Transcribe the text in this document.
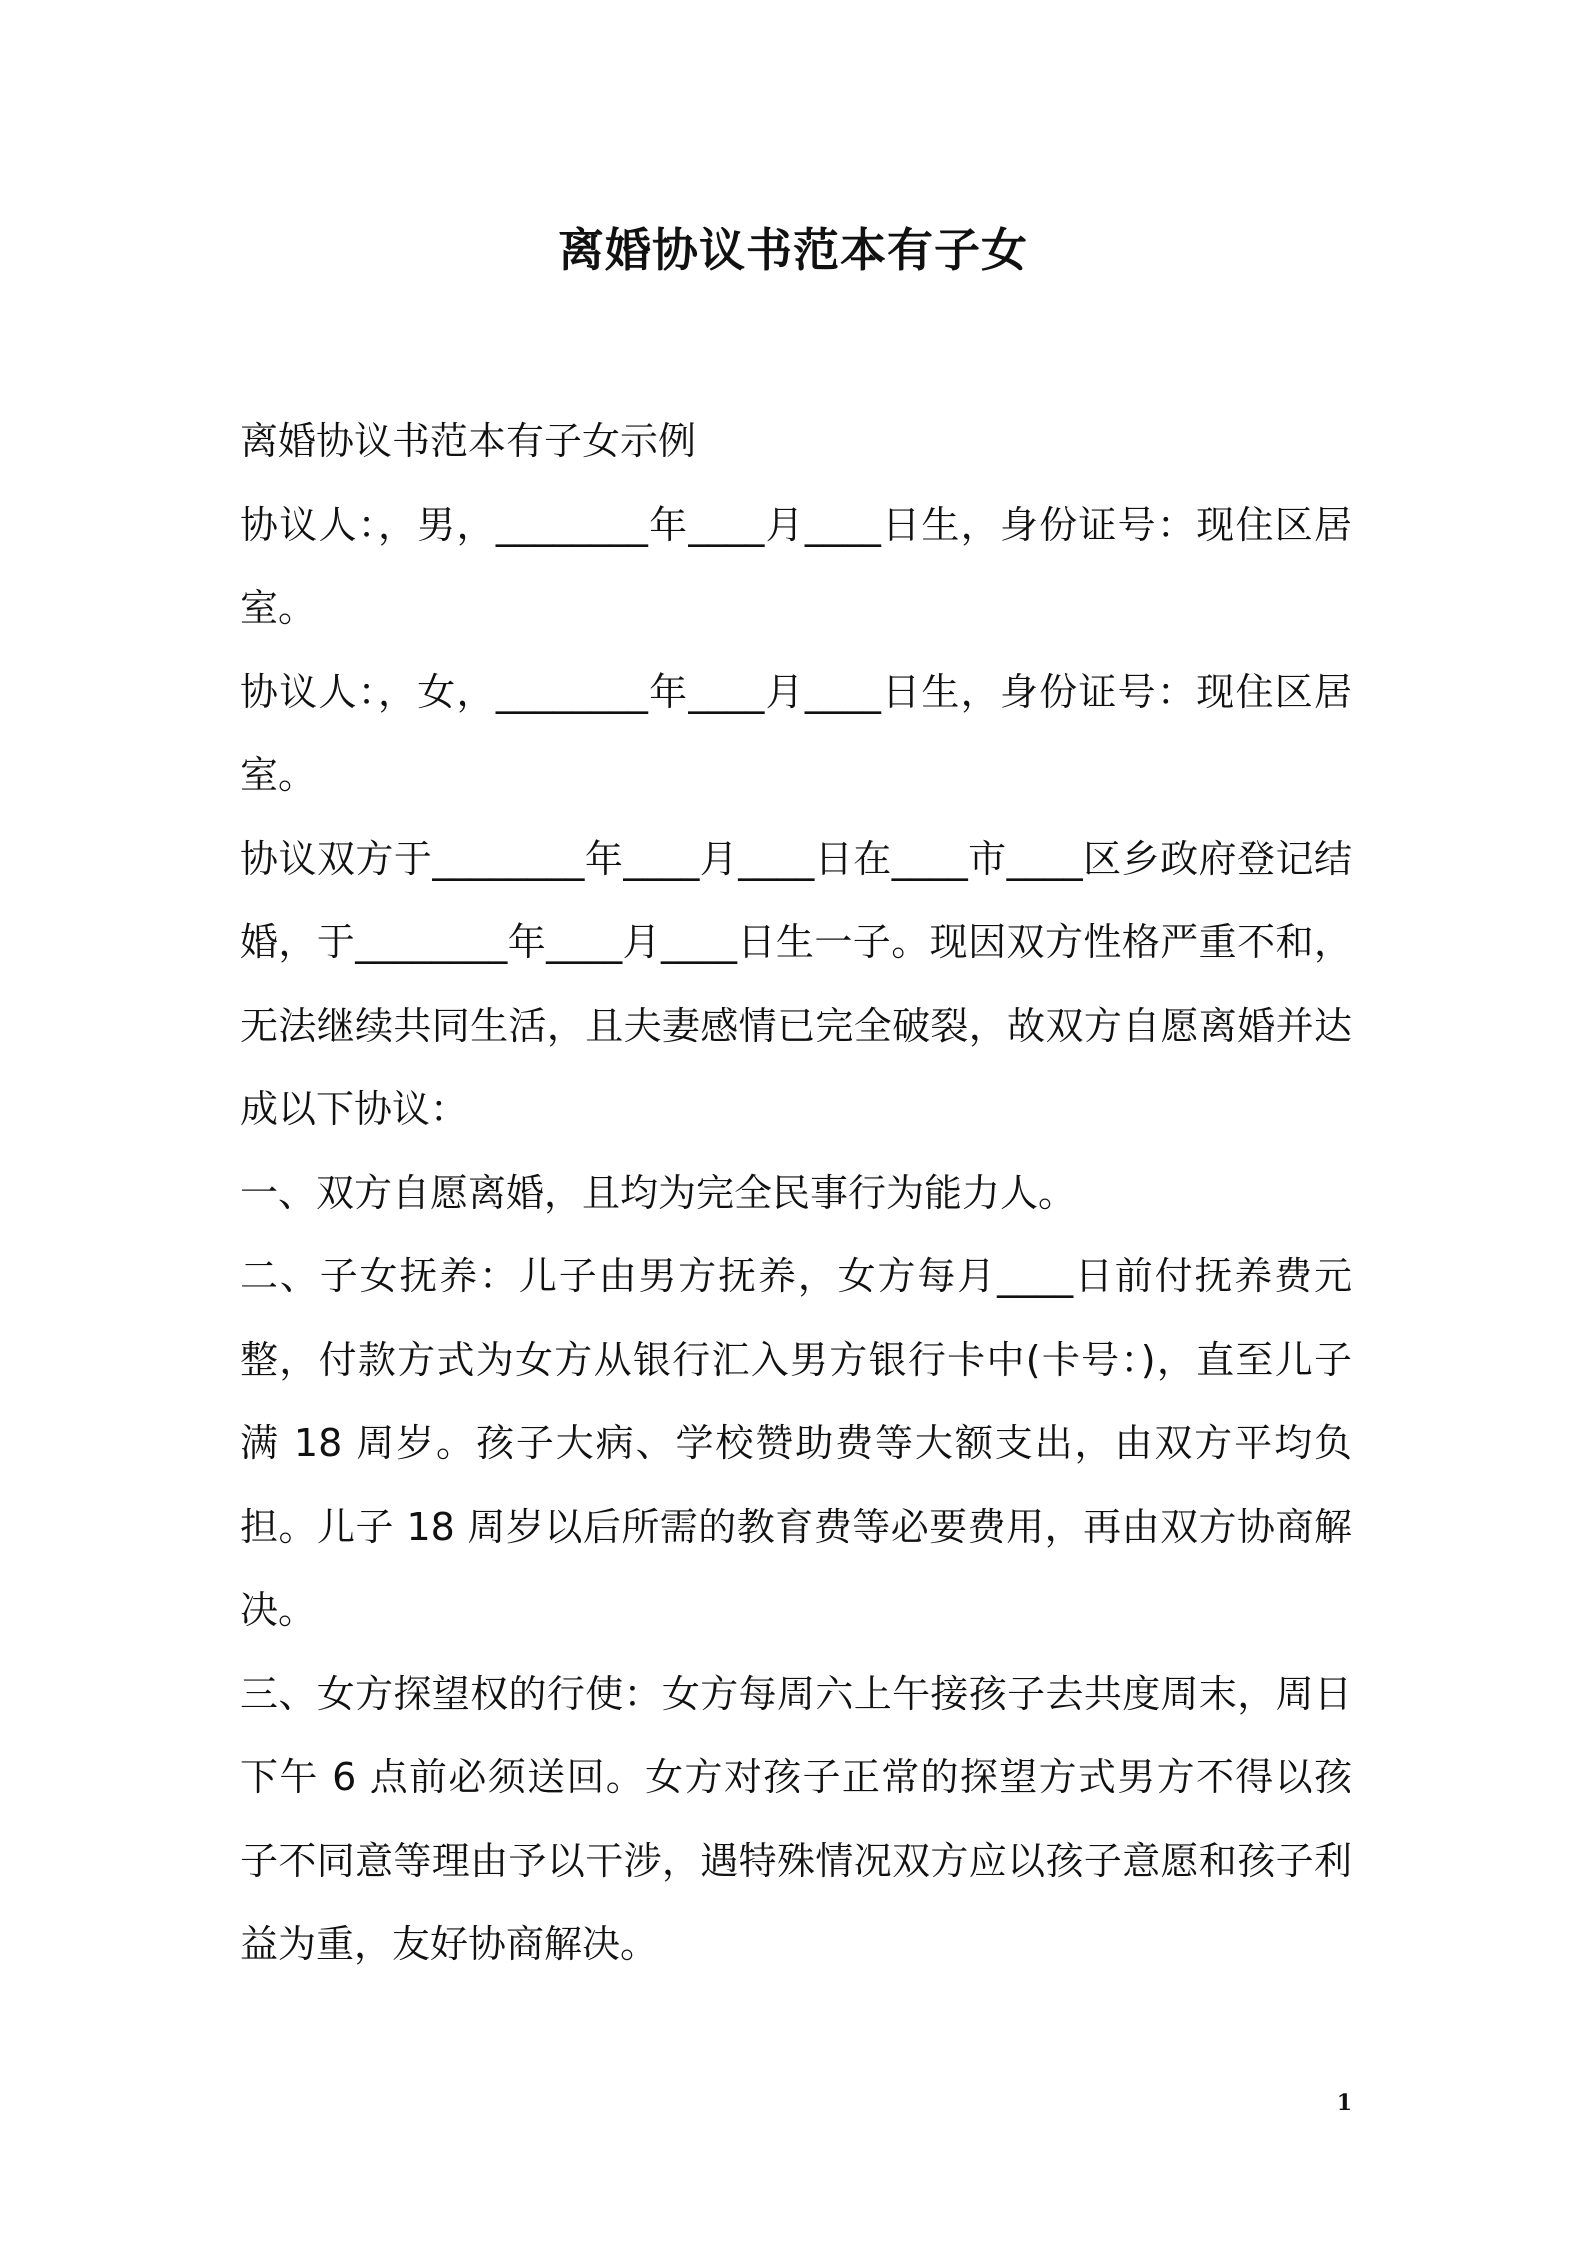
离婚协议书范本有子女

离婚协议书范本有子女示例

协议人：，男，________年____月____日生，身份证号：现住区居室。

协议人：，女，________年____月____日生，身份证号：现住区居室。

协议双方于________年____月____日在____市____区乡政府登记结婚，于________年____月____日生一子。现因双方性格严重不和，无法继续共同生活，且夫妻感情已完全破裂，故双方自愿离婚并达成以下协议：

一、双方自愿离婚，且均为完全民事行为能力人。

二、子女抚养：儿子由男方抚养，女方每月____日前付抚养费元整，付款方式为女方从银行汇入男方银行卡中(卡号：)，直至儿子满 18 周岁。孩子大病、学校赞助费等大额支出，由双方平均负担。儿子 18 周岁以后所需的教育费等必要费用，再由双方协商解决。

三、女方探望权的行使：女方每周六上午接孩子去共度周末，周日下午 6 点前必须送回。女方对孩子正常的探望方式男方不得以孩子不同意等理由予以干涉，遇特殊情况双方应以孩子意愿和孩子利益为重，友好协商解决。

1
